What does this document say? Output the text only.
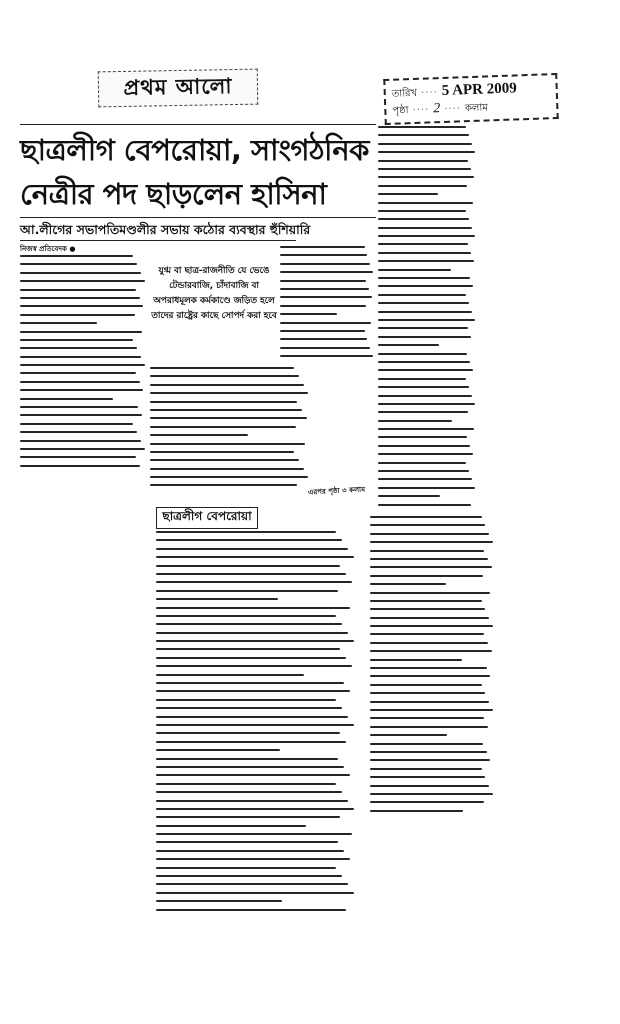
প্রথম আলো	তারিখ ···· 5 APR 2009
পৃষ্ঠা ···· 2 ···· কলাম
ছাত্রলীগ বেপরোয়া, সাংগঠনিক
নেত্রীর পদ ছাড়লেন হাসিনা
আ.লীগের সভাপতিমণ্ডলীর সভায় কঠোর ব্যবস্থার হুঁশিয়ারি
নিজস্ব প্রতিবেদক ●
যুগ্ম বা ছাত্র-রাজনীতি যে ভেঙে টেন্ডারবাজি, চাঁদাবাজি বা অপরাধমূলক কর্মকাণ্ডে জড়িত হলে তাদের রাষ্ট্রের কাছে সোপর্দ করা হবে
এরপর পৃষ্ঠা ৩ কলাম
ছাত্রলীগ বেপরোয়া
